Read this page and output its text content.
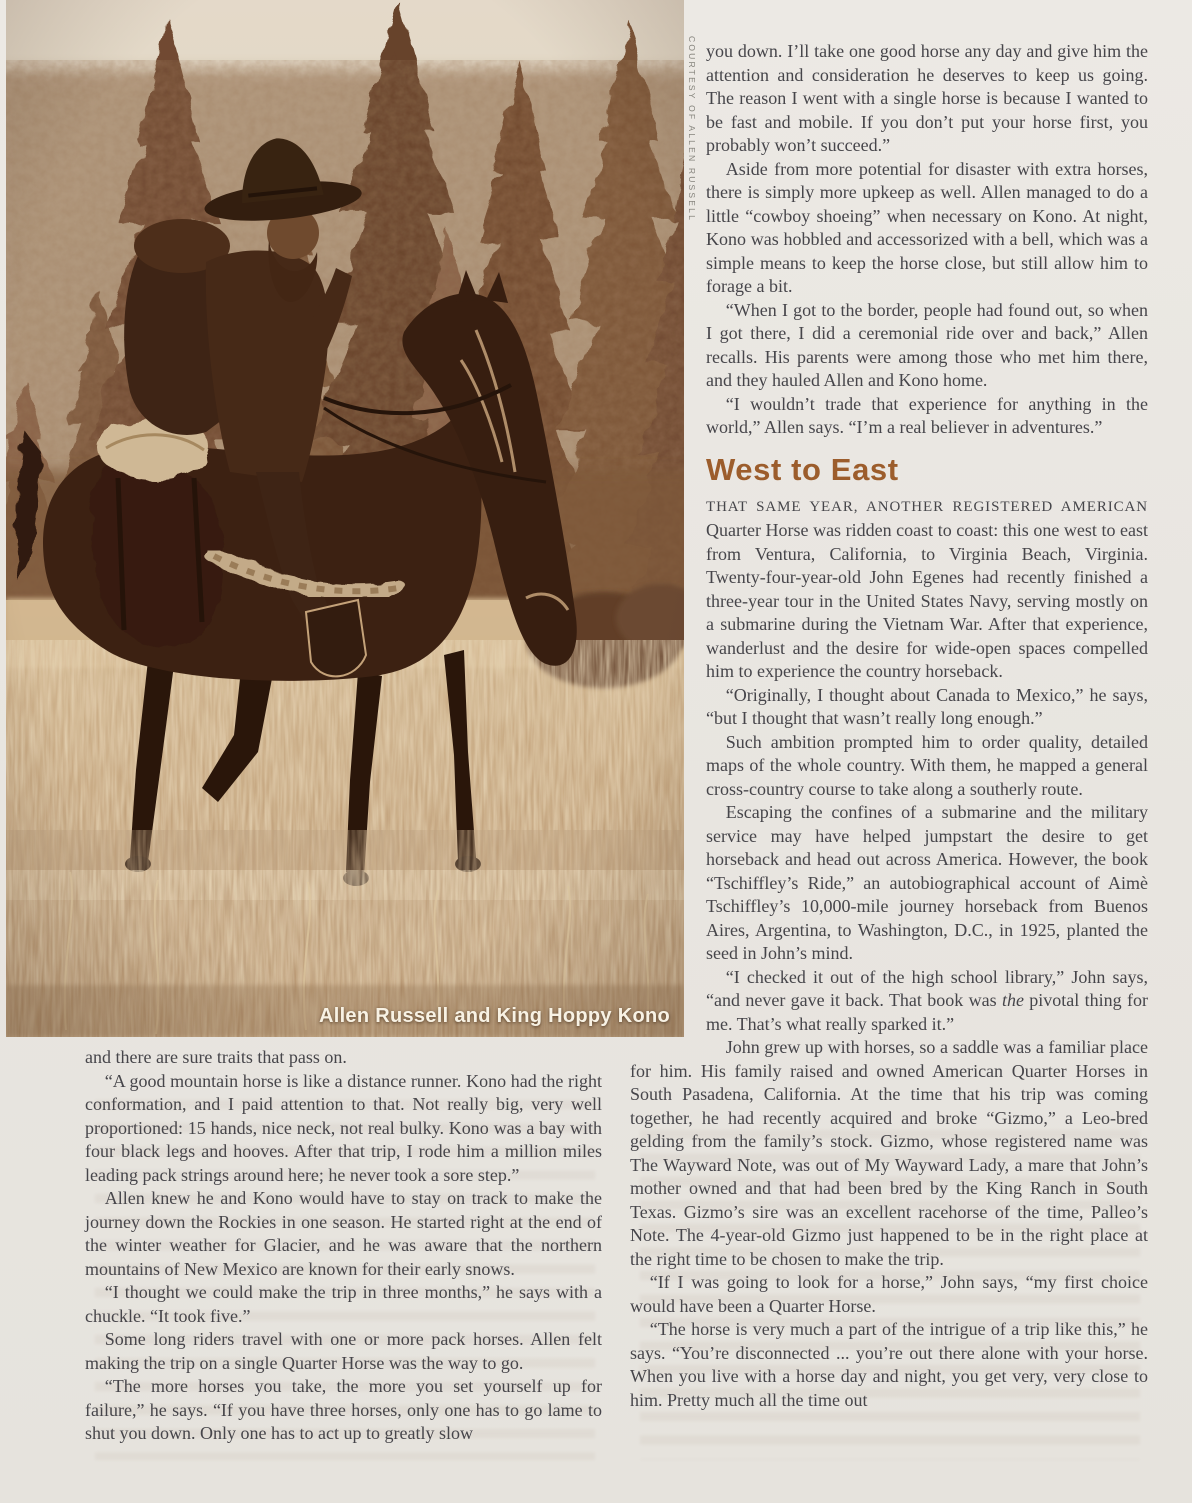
Allen Russell and King Hoppy Kono
COURTESY OF ALLEN RUSSELL you down. I’ll take one good horse any day and give him the attention and consideration he deserves to keep us going. The reason I went with a single horse is because I wanted to be fast and mobile. If you don’t put your horse first, you probably won’t succeed.”

Aside from more potential for disaster with extra horses, there is simply more upkeep as well. Allen managed to do a little “cowboy shoeing” when necessary on Kono. At night, Kono was hobbled and accessorized with a bell, which was a simple means to keep the horse close, but still allow him to forage a bit.

“When I got to the border, people had found out, so when I got there, I did a ceremonial ride over and back,” Allen recalls. His parents were among those who met him there, and they hauled Allen and Kono home.

“I wouldn’t trade that experience for anything in the world,” Allen says. “I’m a real believer in adventures.”

West to East

THAT SAME YEAR, ANOTHER REGISTERED AMERICAN Quarter Horse was ridden coast to coast: this one west to east from Ventura, California, to Virginia Beach, Virginia. Twenty-four-year-old John Egenes had recently finished a three-year tour in the United States Navy, serving mostly on a submarine during the Vietnam War. After that experience, wanderlust and the desire for wide-open spaces compelled him to experience the country horseback.

“Originally, I thought about Canada to Mexico,” he says, “but I thought that wasn’t really long enough.”

Such ambition prompted him to order quality, detailed maps of the whole country. With them, he mapped a general cross-country course to take along a southerly route.

Escaping the confines of a submarine and the military service may have helped jumpstart the desire to get horseback and head out across America. However, the book “Tschiffley’s Ride,” an autobiographical account of Aimè Tschiffley’s 10,000-mile journey horseback from Buenos Aires, Argentina, to Washington, D.C., in 1925, planted the seed in John’s mind.

“I checked it out of the high school library,” John says, “and never gave it back. That book was the pivotal thing for me. That’s what really sparked it.”

John grew up with horses, so a saddle was a familiar place for him. His family raised and owned American Quarter Horses in South Pasadena, California. At the time that his trip was coming together, he had recently acquired and broke “Gizmo,” a Leo-bred gelding from the family’s stock. Gizmo, whose registered name was The Wayward Note, was out of My Wayward Lady, a mare that John’s mother owned and that had been bred by the King Ranch in South Texas. Gizmo’s sire was an excellent racehorse of the time, Palleo’s Note. The 4-year-old Gizmo just happened to be in the right place at the right time to be chosen to make the trip.

“If I was going to look for a horse,” John says, “my first choice would have been a Quarter Horse.

“The horse is very much a part of the intrigue of a trip like this,” he says. “You’re disconnected ... you’re out there alone with your horse. When you live with a horse day and night, you get very, very close to him. Pretty much all the time out

and there are sure traits that pass on.

“A good mountain horse is like a distance runner. Kono had the right conformation, and I paid attention to that. Not really big, very well proportioned: 15 hands, nice neck, not real bulky. Kono was a bay with four black legs and hooves. After that trip, I rode him a million miles leading pack strings around here; he never took a sore step.”

Allen knew he and Kono would have to stay on track to make the journey down the Rockies in one season. He started right at the end of the winter weather for Glacier, and he was aware that the northern mountains of New Mexico are known for their early snows.

“I thought we could make the trip in three months,” he says with a chuckle. “It took five.”

Some long riders travel with one or more pack horses. Allen felt making the trip on a single Quarter Horse was the way to go.

“The more horses you take, the more you set yourself up for failure,” he says. “If you have three horses, only one has to go lame to shut you down. Only one has to act up to greatly slow
